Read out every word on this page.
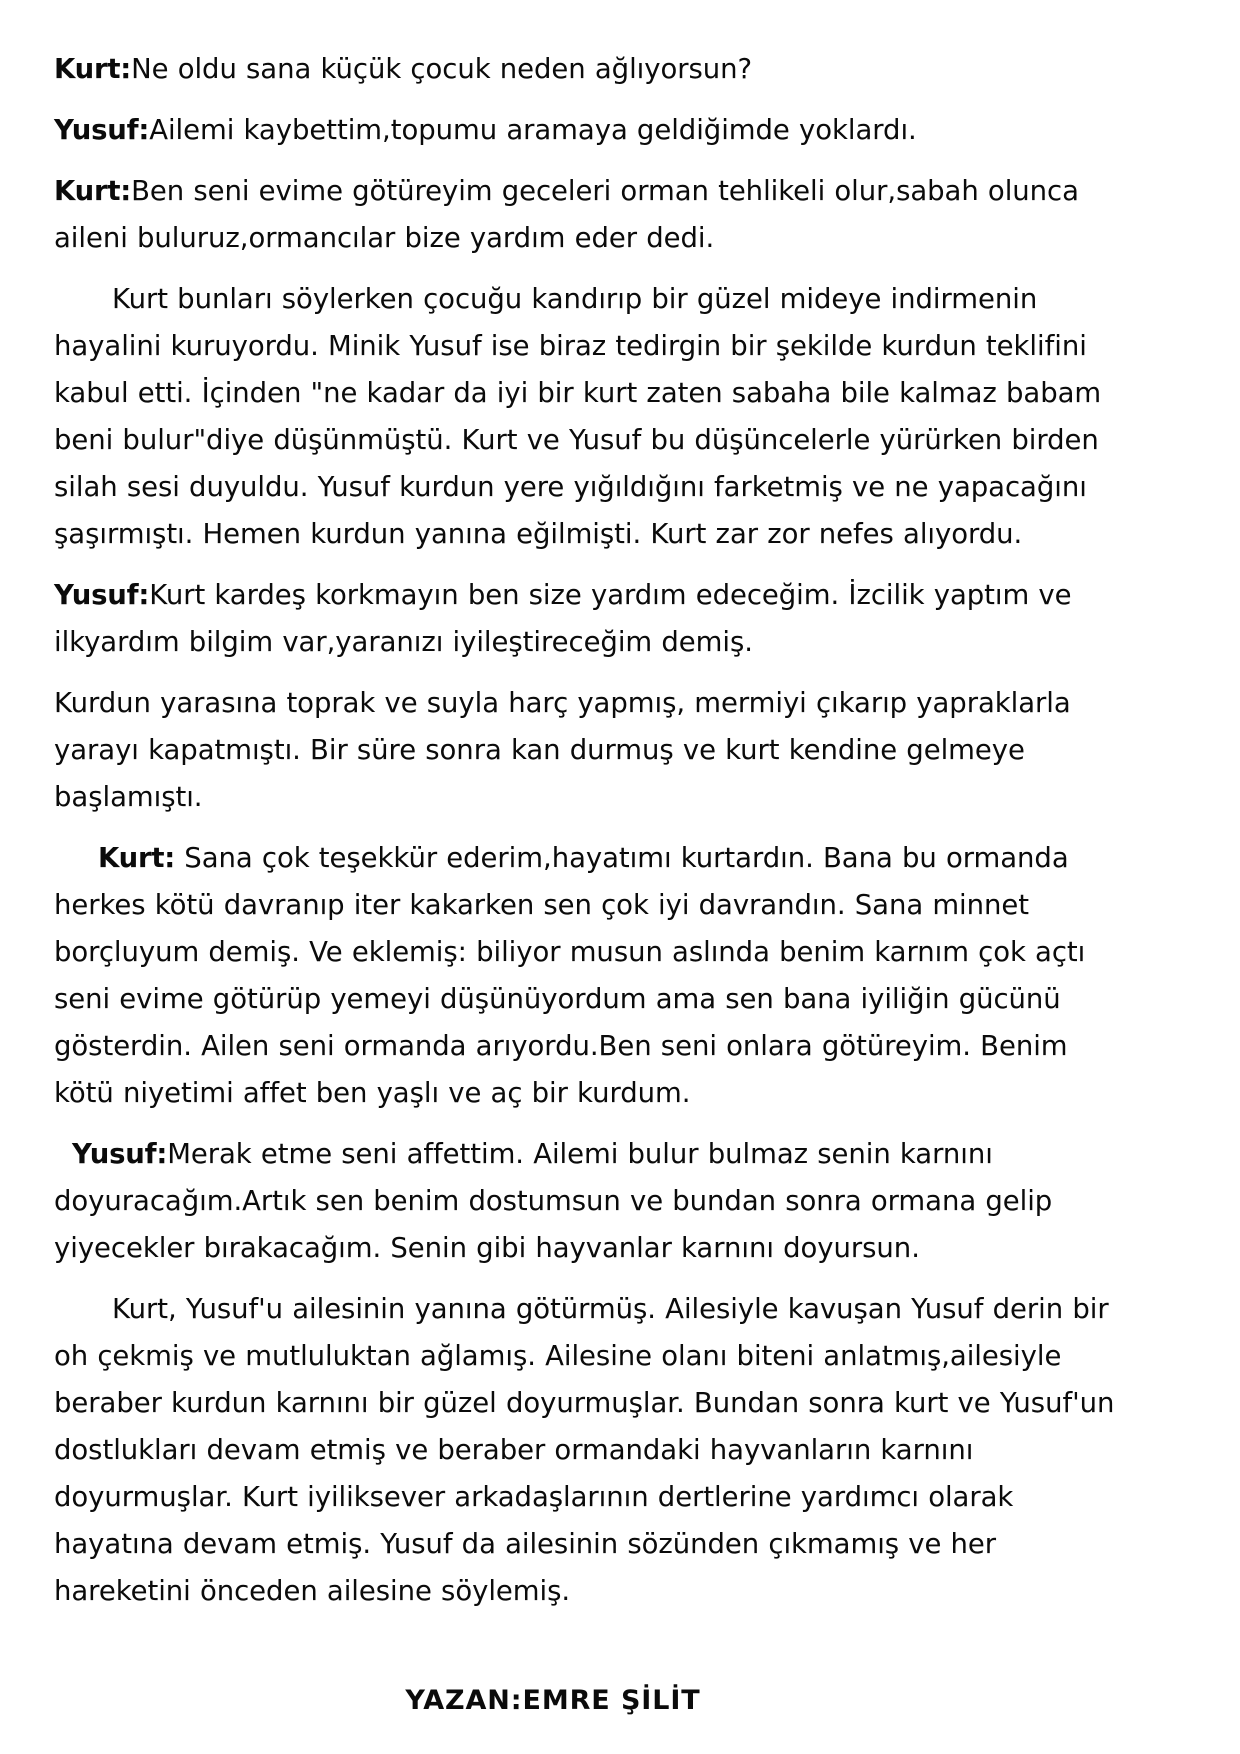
Kurt:Ne oldu sana küçük çocuk neden ağlıyorsun?

Yusuf:Ailemi kaybettim,topumu aramaya geldiğimde yoklardı.

Kurt:Ben seni evime götüreyim geceleri orman tehlikeli olur,sabah olunca aileni buluruz,ormancılar bize yardım eder dedi.

Kurt bunları söylerken çocuğu kandırıp bir güzel mideye indirmenin hayalini kuruyordu. Minik Yusuf ise biraz tedirgin bir şekilde kurdun teklifini kabul etti. İçinden "ne kadar da iyi bir kurt zaten sabaha bile kalmaz babam beni bulur"diye düşünmüştü. Kurt ve Yusuf bu düşüncelerle yürürken birden silah sesi duyuldu. Yusuf kurdun yere yığıldığını farketmiş ve ne yapacağını şaşırmıştı. Hemen kurdun yanına eğilmişti. Kurt zar zor nefes alıyordu.

Yusuf:Kurt kardeş korkmayın ben size yardım edeceğim. İzcilik yaptım ve ilkyardım bilgim var,yaranızı iyileştireceğim demiş.

Kurdun yarasına toprak ve suyla harç yapmış, mermiyi çıkarıp yapraklarla yarayı kapatmıştı. Bir süre sonra kan durmuş ve kurt kendine gelmeye başlamıştı.

Kurt: Sana çok teşekkür ederim,hayatımı kurtardın. Bana bu ormanda herkes kötü davranıp iter kakarken sen çok iyi davrandın. Sana minnet borçluyum demiş. Ve eklemiş: biliyor musun aslında benim karnım çok açtı seni evime götürüp yemeyi düşünüyordum ama sen bana iyiliğin gücünü gösterdin. Ailen seni ormanda arıyordu.Ben seni onlara götüreyim. Benim kötü niyetimi affet ben yaşlı ve aç bir kurdum.

Yusuf:Merak etme seni affettim. Ailemi bulur bulmaz senin karnını doyuracağım.Artık sen benim dostumsun ve bundan sonra ormana gelip yiyecekler bırakacağım. Senin gibi hayvanlar karnını doyursun.

Kurt, Yusuf'u ailesinin yanına götürmüş. Ailesiyle kavuşan Yusuf derin bir oh çekmiş ve mutluluktan ağlamış. Ailesine olanı biteni anlatmış,ailesiyle beraber kurdun karnını bir güzel doyurmuşlar. Bundan sonra kurt ve Yusuf'un dostlukları devam etmiş ve beraber ormandaki hayvanların karnını doyurmuşlar. Kurt iyiliksever arkadaşlarının dertlerine yardımcı olarak hayatına devam etmiş. Yusuf da ailesinin sözünden çıkmamış ve her hareketini önceden ailesine söylemiş.

YAZAN:EMRE ŞİLİT
